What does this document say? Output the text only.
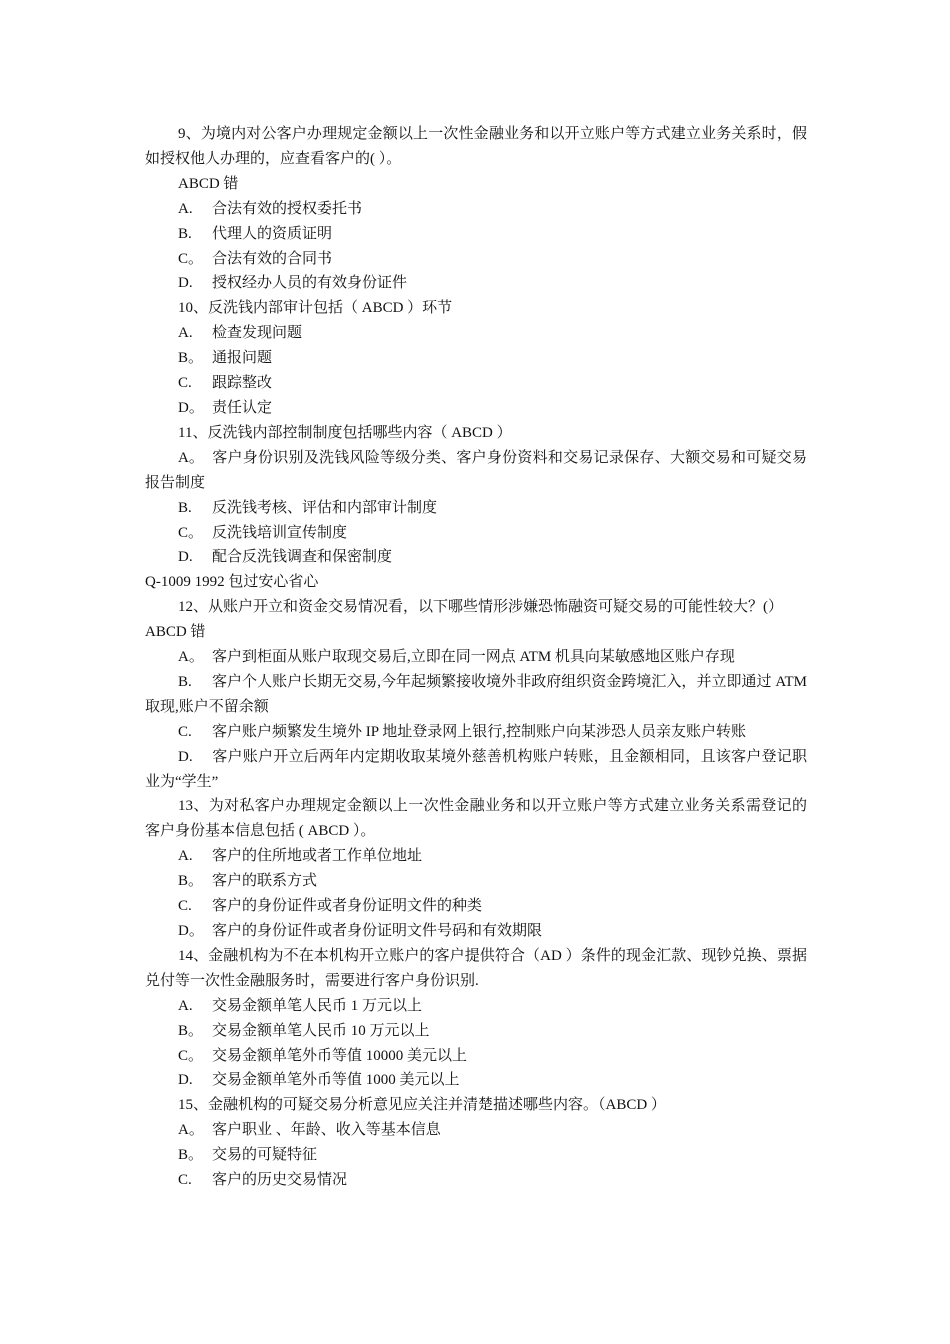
9、为境内对公客户办理规定金额以上一次性金融业务和以开立账户等方式建立业务关系时，假如授权他人办理的，应查看客户的( ）。

ABCD 错

A. 合法有效的授权委托书

B. 代理人的资质证明

C。 合法有效的合同书

D. 授权经办人员的有效身份证件

10、反洗钱内部审计包括（ ABCD ）环节

A. 检查发现问题

B。 通报问题

C. 跟踪整改

D。 责任认定

11、反洗钱内部控制制度包括哪些内容（ ABCD ）

A。 客户身份识别及洗钱风险等级分类、客户身份资料和交易记录保存、大额交易和可疑交易报告制度

B. 反洗钱考核、评估和内部审计制度

C。 反洗钱培训宣传制度

D. 配合反洗钱调查和保密制度

Q-1009 1992 包过安心省心

12、从账户开立和资金交易情况看，以下哪些情形涉嫌恐怖融资可疑交易的可能性较大？(）

ABCD 错

A。 客户到柜面从账户取现交易后,立即在同一网点 ATM 机具向某敏感地区账户存现

B. 客户个人账户长期无交易,今年起频繁接收境外非政府组织资金跨境汇入，并立即通过 ATM 取现,账户不留余额

C. 客户账户频繁发生境外 IP 地址登录网上银行,控制账户向某涉恐人员亲友账户转账

D. 客户账户开立后两年内定期收取某境外慈善机构账户转账，且金额相同，且该客户登记职业为“学生”

13、为对私客户办理规定金额以上一次性金融业务和以开立账户等方式建立业务关系需登记的客户身份基本信息包括 ( ABCD ）。

A. 客户的住所地或者工作单位地址

B。 客户的联系方式

C. 客户的身份证件或者身份证明文件的种类

D。 客户的身份证件或者身份证明文件号码和有效期限

14、金融机构为不在本机构开立账户的客户提供符合（AD ）条件的现金汇款、现钞兑换、票据兑付等一次性金融服务时，需要进行客户身份识别.

A. 交易金额单笔人民币 1 万元以上

B。 交易金额单笔人民币 10 万元以上

C。 交易金额单笔外币等值 10000 美元以上

D. 交易金额单笔外币等值 1000 美元以上

15、金融机构的可疑交易分析意见应关注并清楚描述哪些内容。（ABCD ）

A。 客户职业 、年龄、收入等基本信息

B。 交易的可疑特征

C. 客户的历史交易情况
